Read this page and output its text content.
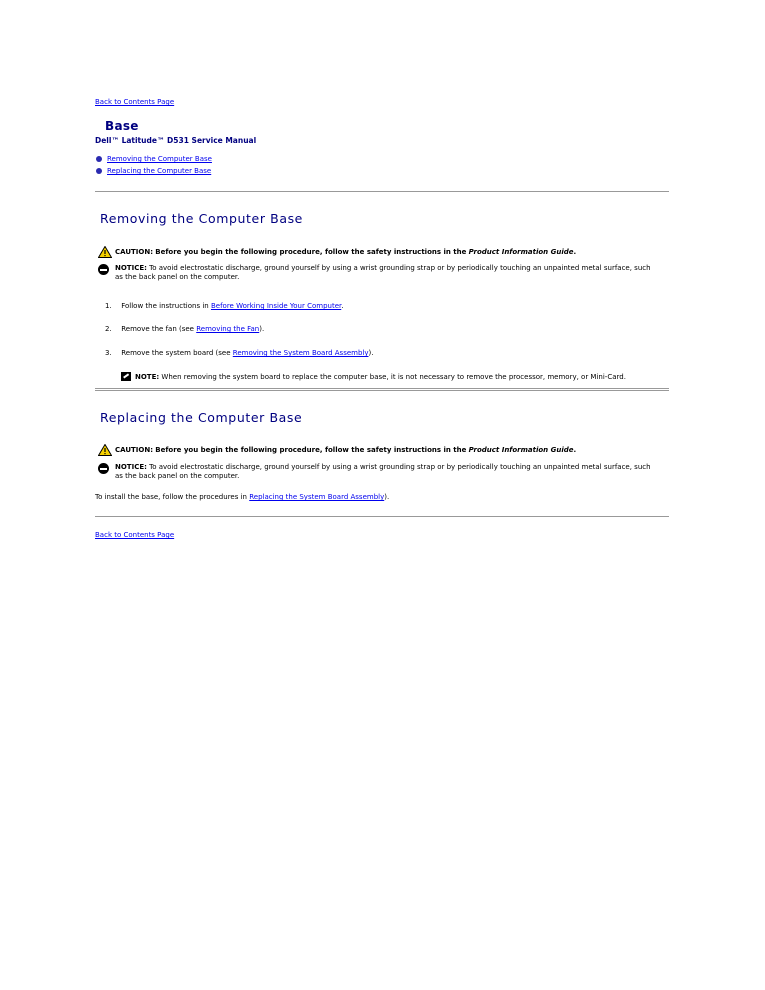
Back to Contents Page
Base
Dell™ Latitude™ D531 Service Manual
Removing the Computer Base
Replacing the Computer Base
Removing the Computer Base
CAUTION: Before you begin the following procedure, follow the safety instructions in the Product Information Guide.
NOTICE: To avoid electrostatic discharge, ground yourself by using a wrist grounding strap or by periodically touching an unpainted metal surface, such
as the back panel on the computer.
1. Follow the instructions in Before Working Inside Your Computer.
2. Remove the fan (see Removing the Fan).
3. Remove the system board (see Removing the System Board Assembly).
NOTE: When removing the system board to replace the computer base, it is not necessary to remove the processor, memory, or Mini-Card.
Replacing the Computer Base
CAUTION: Before you begin the following procedure, follow the safety instructions in the Product Information Guide.
NOTICE: To avoid electrostatic discharge, ground yourself by using a wrist grounding strap or by periodically touching an unpainted metal surface, such
as the back panel on the computer.
To install the base, follow the procedures in Replacing the System Board Assembly).
Back to Contents Page
